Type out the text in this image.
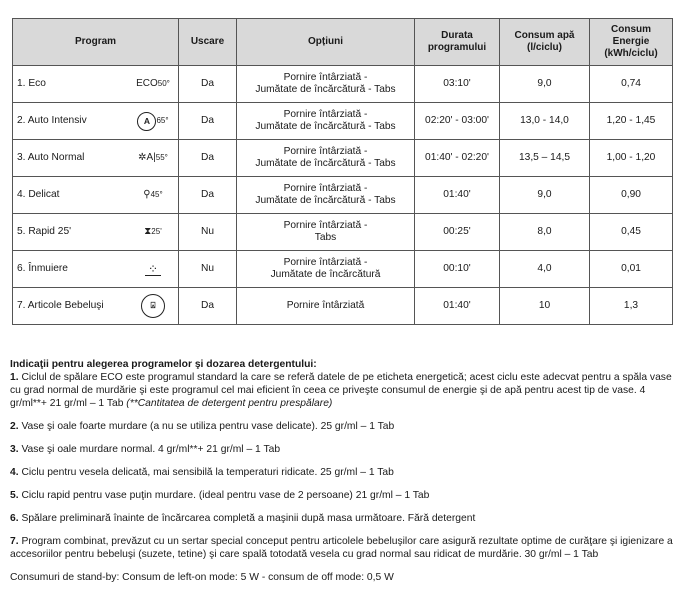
Program	Uscare	Opțiuni	Durata programului	Consum apă (l/ciclu)	Consum Energie (kWh/ciclu)

1. Eco ECO 50°	Da	Pornire întârziată -
Jumătate de încărcătură - Tabs	03:10'	9,0	0,74

2. Auto Intensiv A 65°	Da	Pornire întârziată -
Jumătate de încărcătură - Tabs	02:20' - 03:00'	13,0 - 14,0	1,20 - 1,45

3. Auto Normal ✲A| 55°	Da	Pornire întârziată -
Jumătate de încărcătură - Tabs	01:40' - 02:20'	13,5 – 14,5	1,00 - 1,20

4. Delicat ⚲ 45°	Da	Pornire întârziată -
Jumătate de încărcătură - Tabs	01:40'	9,0	0,90

5. Rapid 25' ⧗ 25'	Nu	Pornire întârziată -
Tabs	00:25'	8,0	0,45

6. Înmuiere ⁘	Nu	Pornire întârziată -
Jumătate de încărcătură	00:10'	4,0	0,01

7. Articole Bebeluşi ⍓	Da	Pornire întârziată	01:40'	10	1,3

Indicaţii pentru alegerea programelor şi dozarea detergentului:

1. Ciclul de spălare ECO este programul standard la care se referă datele de pe eticheta energetică; acest ciclu este adecvat pentru a spăla vase cu grad normal de murdărie şi este programul cel mai eficient în ceea ce priveşte consumul de energie şi de apă pentru acest tip de vase. 4 gr/ml**+ 21 gr/ml – 1 Tab (**Cantitatea de detergent pentru prespălare)

2. Vase şi oale foarte murdare (a nu se utiliza pentru vase delicate). 25 gr/ml – 1 Tab

3. Vase şi oale murdare normal. 4 gr/ml**+ 21 gr/ml – 1 Tab

4. Ciclu pentru vesela delicată, mai sensibilă la temperaturi ridicate. 25 gr/ml – 1 Tab

5. Ciclu rapid pentru vase puţin murdare. (ideal pentru vase de 2 persoane) 21 gr/ml – 1 Tab

6. Spălare preliminară înainte de încărcarea completă a maşinii după masa următoare. Fără detergent

7. Program combinat, prevăzut cu un sertar special conceput pentru articolele bebeluşilor care asigură rezultate optime de curăţare şi igienizare a accesoriilor pentru bebeluşi (suzete, tetine) şi care spală totodată vesela cu grad normal sau ridicat de murdărie. 30 gr/ml – 1 Tab

Consumuri de stand-by: Consum de left-on mode: 5 W - consum de off mode: 0,5 W
